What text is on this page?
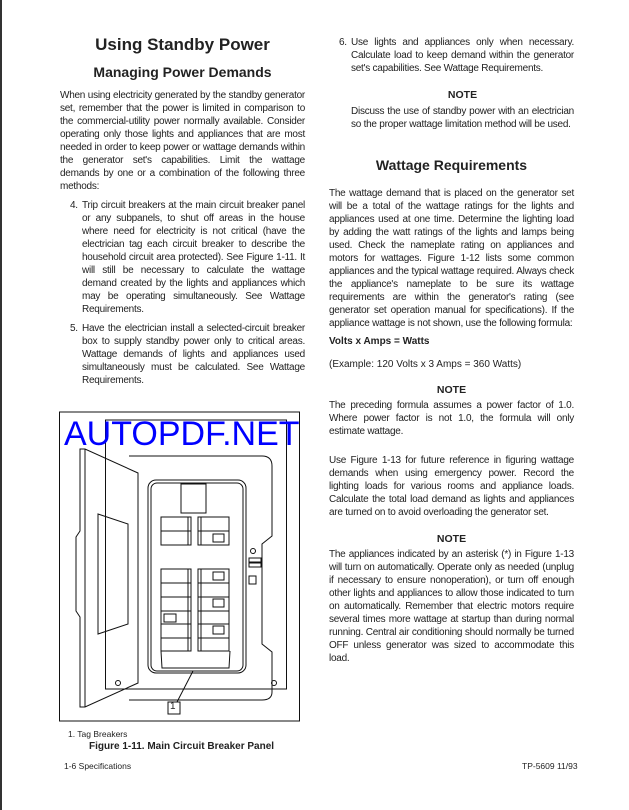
Using Standby Power
Managing Power Demands
When using electricity generated by the standby generator set, remember that the power is limited in comparison to the commercial-utility power normally available. Consider operating only those lights and appliances that are most needed in order to keep power or wattage demands within the generator set's capabilities. Limit the wattage demands by one or a combination of the following three methods:
4. Trip circuit breakers at the main circuit breaker panel or any subpanels, to shut off areas in the house where need for electricity is not critical (have the electrician tag each circuit breaker to describe the household circuit area protected). See Figure 1-11. It will still be necessary to calculate the wattage demand created by the lights and appliances which may be operating simultaneously. See Wattage Requirements.
5. Have the electrician install a selected-circuit breaker box to supply standby power only to critical areas. Wattage demands of lights and appliances used simultaneously must be calculated. See Wattage Requirements.
1
1. Tag Breakers
Figure 1-11. Main Circuit Breaker Panel
1-6 Specifications
6. Use lights and appliances only when necessary. Calculate load to keep demand within the generator set's capabilities. See Wattage Requirements.
NOTE
Discuss the use of standby power with an electrician so the proper wattage limitation method will be used.
Wattage Requirements
The wattage demand that is placed on the generator set will be a total of the wattage ratings for the lights and appliances used at one time. Determine the lighting load by adding the watt ratings of the lights and lamps being used. Check the nameplate rating on appliances and motors for wattages. Figure 1-12 lists some common appliances and the typical wattage required. Always check the appliance's nameplate to be sure its wattage requirements are within the generator's rating (see generator set operation manual for specifications). If the appliance wattage is not shown, use the following formula:
Volts x Amps = Watts
(Example: 120 Volts x 3 Amps = 360 Watts)
NOTE
The preceding formula assumes a power factor of 1.0. Where power factor is not 1.0, the formula will only estimate wattage.
Use Figure 1-13 for future reference in figuring wattage demands when using emergency power. Record the lighting loads for various rooms and appliance loads. Calculate the total load demand as lights and appliances are turned on to avoid overloading the generator set.
NOTE
The appliances indicated by an asterisk (*) in Figure 1-13 will turn on automatically. Operate only as needed (unplug if necessary to ensure nonoperation), or turn off enough other lights and appliances to allow those indicated to turn on automatically. Remember that electric motors require several times more wattage at startup than during normal running. Central air conditioning should normally be turned OFF unless generator was sized to accommodate this load.
TP-5609 11/93
AUTOPDF.NET
